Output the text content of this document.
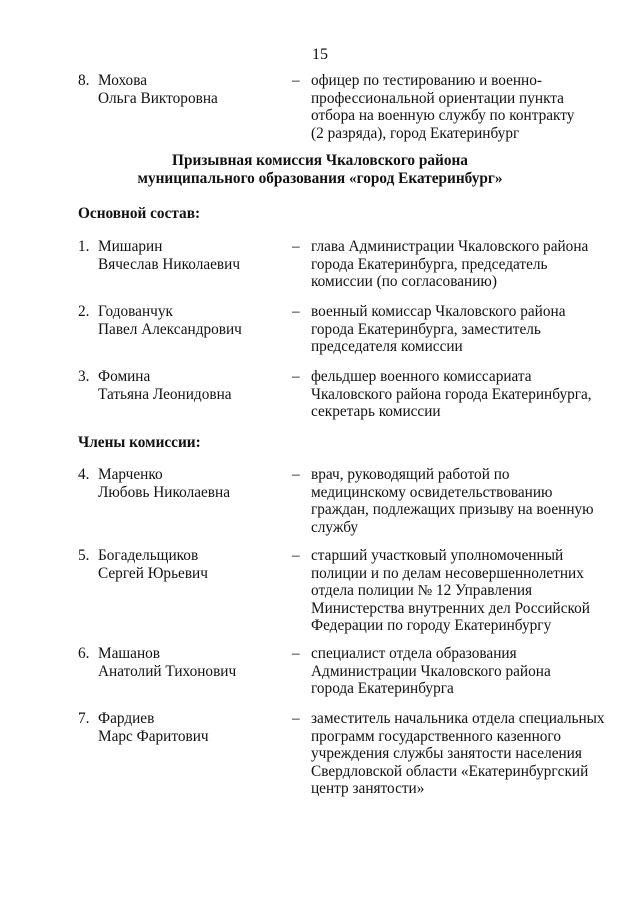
15
8. Мохова
Ольга Викторовна
– офицер по тестированию и военно-
профессиональной ориентации пункта
отбора на военную службу по контракту
(2 разряда), город Екатеринбург
Призывная комиссия Чкаловского района
муниципального образования «город Екатеринбург»
Основной состав:
1. Мишарин
Вячеслав Николаевич
– глава Администрации Чкаловского района
города Екатеринбурга, председатель
комиссии (по согласованию)
2. Годованчук
Павел Александрович
– военный комиссар Чкаловского района
города Екатеринбурга, заместитель
председателя комиссии
3. Фомина
Татьяна Леонидовна
– фельдшер военного комиссариата
Чкаловского района города Екатеринбурга,
секретарь комиссии
Члены комиссии:
4. Марченко
Любовь Николаевна
– врач, руководящий работой по
медицинскому освидетельствованию
граждан, подлежащих призыву на военную
службу
5. Богадельщиков
Сергей Юрьевич
– старший участковый уполномоченный
полиции и по делам несовершеннолетних
отдела полиции № 12 Управления
Министерства внутренних дел Российской
Федерации по городу Екатеринбургу
6. Машанов
Анатолий Тихонович
– специалист отдела образования
Администрации Чкаловского района
города Екатеринбурга
7. Фардиев
Марс Фаритович
– заместитель начальника отдела специальных
программ государственного казенного
учреждения службы занятости населения
Свердловской области «Екатеринбургский
центр занятости»
